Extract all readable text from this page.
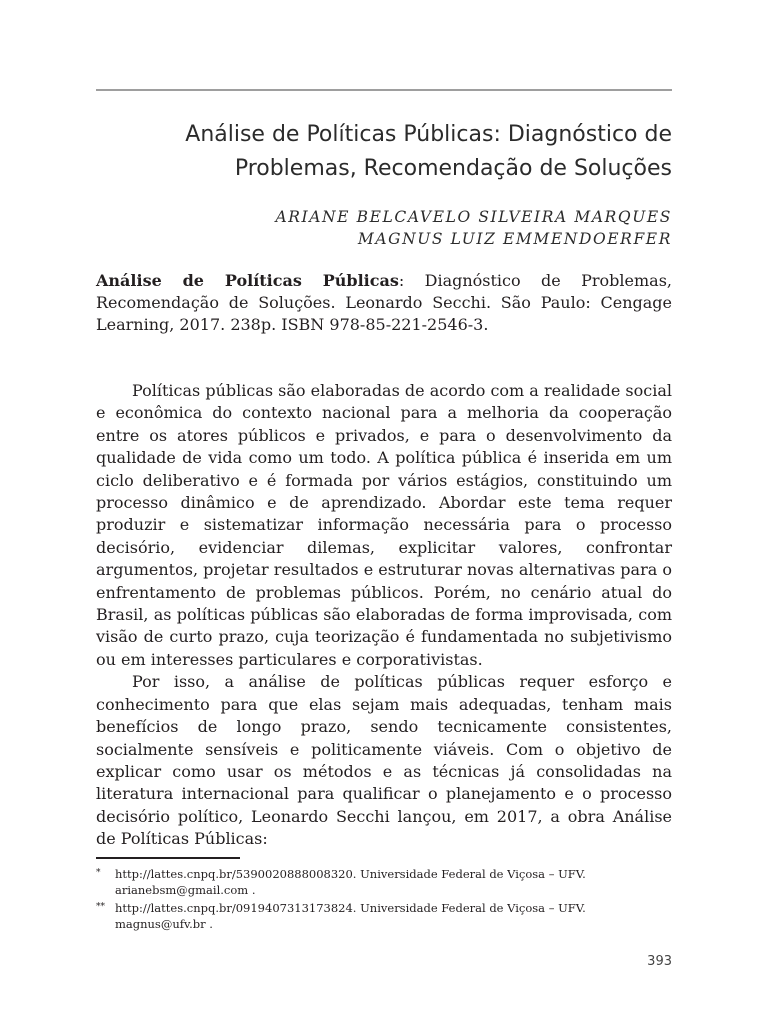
Análise de Políticas Públicas: Diagnóstico de
Problemas, Recomendação de Soluções
ARIANE BELCAVELO SILVEIRA MARQUES
MAGNUS LUIZ EMMENDOERFER

Análise de Políticas Públicas: Diagnóstico de Problemas, Recomendação de Soluções. Leonardo Secchi. São Paulo: Cengage Learning, 2017. 238p. ISBN 978-85-221-2546-3.

Políticas públicas são elaboradas de acordo com a realidade social e econômica do contexto nacional para a melhoria da cooperação entre os atores públicos e privados, e para o desenvolvimento da qualidade de vida como um todo. A política pública é inserida em um ciclo deliberativo e é formada por vários estágios, constituindo um processo dinâmico e de aprendizado. Abordar este tema requer produzir e sistematizar informação necessária para o processo decisório, evidenciar dilemas, explicitar valores, confrontar argumentos, projetar resultados e estruturar novas alternativas para o enfrentamento de problemas públicos. Porém, no cenário atual do Brasil, as políticas públicas são elaboradas de forma improvisada, com visão de curto prazo, cuja teorização é fundamentada no subjetivismo ou em interesses particulares e corporativistas.

Por isso, a análise de políticas públicas requer esforço e conhecimento para que elas sejam mais adequadas, tenham mais benefícios de longo prazo, sendo tecnicamente consistentes, socialmente sensíveis e politicamente viáveis. Com o objetivo de explicar como usar os métodos e as técnicas já consolidadas na literatura internacional para qualificar o planejamento e o processo decisório político, Leonardo Secchi lançou, em 2017, a obra Análise de Políticas Públicas:

* http://lattes.cnpq.br/5390020888008320. Universidade Federal de Viçosa – UFV.
arianebsm@gmail.com .
** http://lattes.cnpq.br/0919407313173824. Universidade Federal de Viçosa – UFV.
magnus@ufv.br .
393
